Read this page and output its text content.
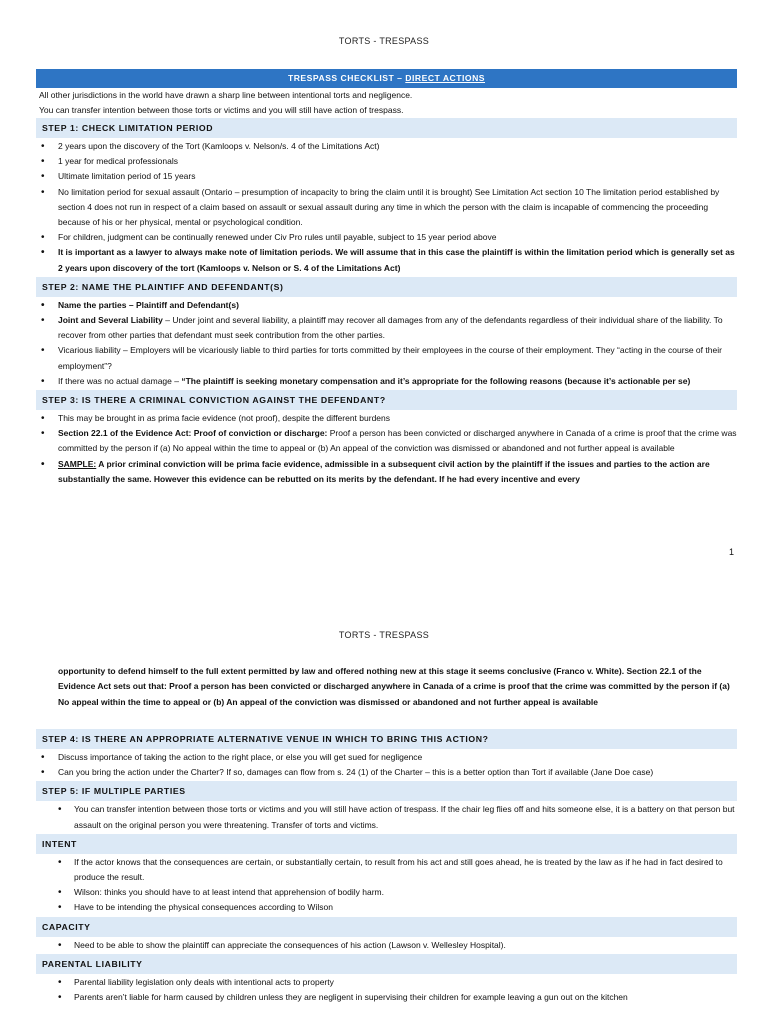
TORTS - TRESPASS
TRESPASS CHECKLIST – DIRECT ACTIONS
All other jurisdictions in the world have drawn a sharp line between intentional torts and negligence.
You can transfer intention between those torts or victims and you will still have action of trespass.
STEP 1: CHECK LIMITATION PERIOD
• 2 years upon the discovery of the Tort (Kamloops v. Nelson/s. 4 of the Limitations Act)
• 1 year for medical professionals
• Ultimate limitation period of 15 years
• No limitation period for sexual assault (Ontario – presumption of incapacity to bring the claim until it is brought) See Limitation Act section 10 The limitation period established by section 4 does not run in respect of a claim based on assault or sexual assault during any time in which the person with the claim is incapable of commencing the proceeding because of his or her physical, mental or psychological condition.
• For children, judgment can be continually renewed under Civ Pro rules until payable, subject to 15 year period above
• It is important as a lawyer to always make note of limitation periods. We will assume that in this case the plaintiff is within the limitation period which is generally set as 2 years upon discovery of the tort (Kamloops v. Nelson or S. 4 of the Limitations Act)
STEP 2: NAME THE PLAINTIFF AND DEFENDANT(S)
• Name the parties – Plaintiff and Defendant(s)
• Joint and Several Liability – Under joint and several liability, a plaintiff may recover all damages from any of the defendants regardless of their individual share of the liability. To recover from other parties that defendant must seek contribution from the other parties.
• Vicarious liability – Employers will be vicariously liable to third parties for torts committed by their employees in the course of their employment. They “acting in the course of their employment”?
• If there was no actual damage – “The plaintiff is seeking monetary compensation and it’s appropriate for the following reasons (because it’s actionable per se)
STEP 3: IS THERE A CRIMINAL CONVICTION AGAINST THE DEFENDANT?
• This may be brought in as prima facie evidence (not proof), despite the different burdens
• Section 22.1 of the Evidence Act: Proof of conviction or discharge: Proof a person has been convicted or discharged anywhere in Canada of a crime is proof that the crime was committed by the person if (a) No appeal within the time to appeal or (b) An appeal of the conviction was dismissed or abandoned and not further appeal is available
• SAMPLE: A prior criminal conviction will be prima facie evidence, admissible in a subsequent civil action by the plaintiff if the issues and parties to the action are substantially the same. However this evidence can be rebutted on its merits by the defendant. If he had every incentive and every
1
TORTS - TRESPASS
opportunity to defend himself to the full extent permitted by law and offered nothing new at this stage it seems conclusive (Franco v. White). Section 22.1 of the Evidence Act sets out that: Proof a person has been convicted or discharged anywhere in Canada of a crime is proof that the crime was committed by the person if (a) No appeal within the time to appeal or (b) An appeal of the conviction was dismissed or abandoned and not further appeal is available
STEP 4: IS THERE AN APPROPRIATE ALTERNATIVE VENUE IN WHICH TO BRING THIS ACTION?
• Discuss importance of taking the action to the right place, or else you will get sued for negligence
• Can you bring the action under the Charter? If so, damages can flow from s. 24 (1) of the Charter – this is a better option than Tort if available (Jane Doe case)
STEP 5: IF MULTIPLE PARTIES
• You can transfer intention between those torts or victims and you will still have action of trespass. If the chair leg flies off and hits someone else, it is a battery on that person but assault on the original person you were threatening. Transfer of torts and victims.
INTENT
• If the actor knows that the consequences are certain, or substantially certain, to result from his act and still goes ahead, he is treated by the law as if he had in fact desired to produce the result.
• Wilson: thinks you should have to at least intend that apprehension of bodily harm.
• Have to be intending the physical consequences according to Wilson
CAPACITY
• Need to be able to show the plaintiff can appreciate the consequences of his action (Lawson v. Wellesley Hospital).
PARENTAL LIABILITY
• Parental liability legislation only deals with intentional acts to property
• Parents aren’t liable for harm caused by children unless they are negligent in supervising their children for example leaving a gun out on the kitchen
